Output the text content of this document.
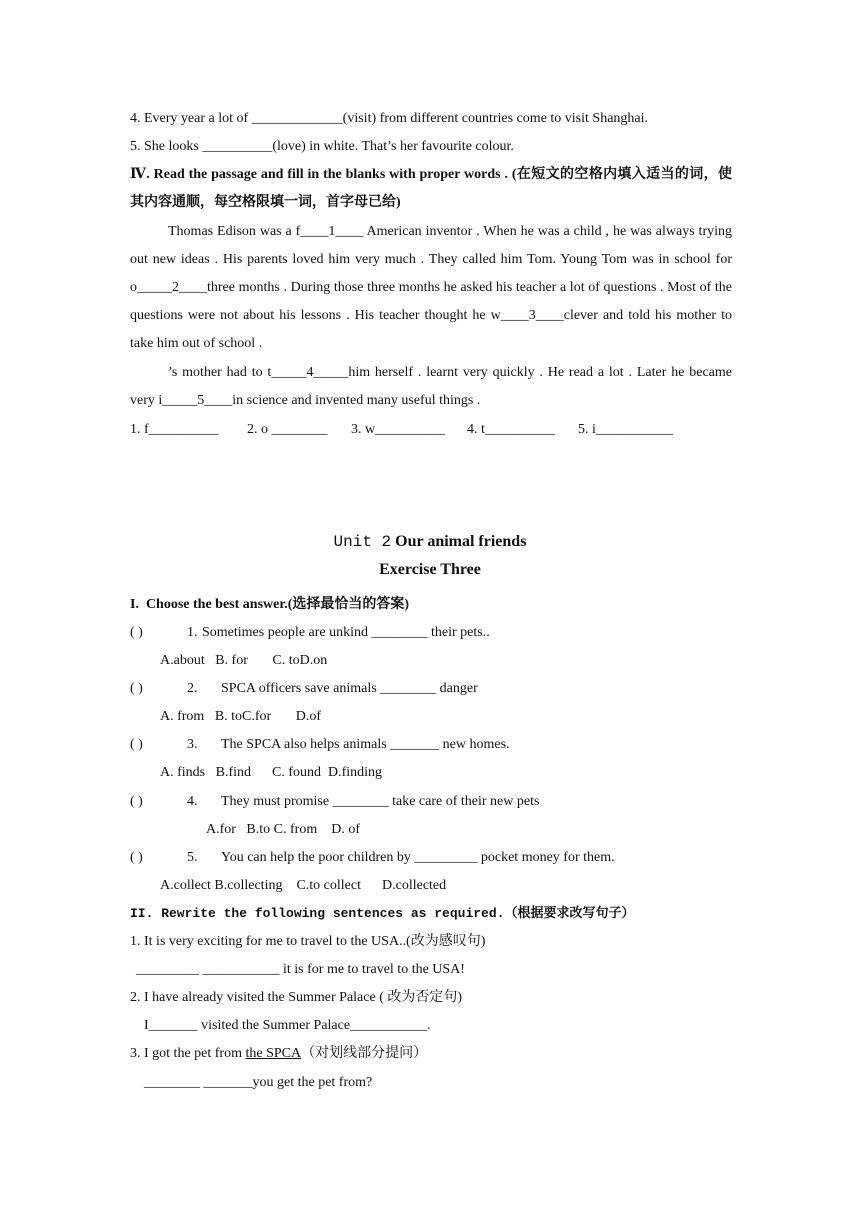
4. Every year a lot of _____________(visit) from different countries come to visit Shanghai.
5. She looks __________(love) in white. That’s her favourite colour.
Ⅳ. Read the passage and fill in the blanks with proper words . (在短文的空格内填入适当的词，使其内容通顺，每空格限填一词，首字母已给)
Thomas Edison was a f____1____ American inventor . When he was a child , he was always trying out new ideas . His parents loved him very much . They called him Tom. Young Tom was in school for o_____2____three months . During those three months he asked his teacher a lot of questions . Most of the questions were not about his lessons . His teacher thought he w____3____clever and told his mother to take him out of school .
’s mother had to t_____4_____him herself . learnt very quickly . He read a lot . Later he became very i_____5____in science and invented many useful things .
1. f__________ 2. o ________ 3. w__________ 4. t__________ 5. i___________
Unit 2 Our animal friends
Exercise Three
I.  Choose the best answer.(选择最恰当的答案)
( )	1. Sometimes people are unkind ________ their pets..
A.about   B. for       C. toD.on
( )	2. SPCA officers save animals ________ danger
A. from   B. toC.for       D.of
( )	3. The SPCA also helps animals _______ new homes.
A. finds   B.find      C. found  D.finding
( )	4. They must promise ________ take care of their new pets
A.for   B.to C. from    D. of
( )	5. You can help the poor children by _________ pocket money for them.
A.collect B.collecting    C.to collect      D.collected
II. Rewrite the following sentences as required.（根据要求改写句子）
1. It is very exciting for me to travel to the USA..(改为感叹句)
_________ ___________ it is for me to travel to the USA!
2. I have already visited the Summer Palace ( 改为否定句)
I_______ visited the Summer Palace___________.
3. I got the pet from the SPCA（对划线部分提问）
________ _______you get the pet from?
